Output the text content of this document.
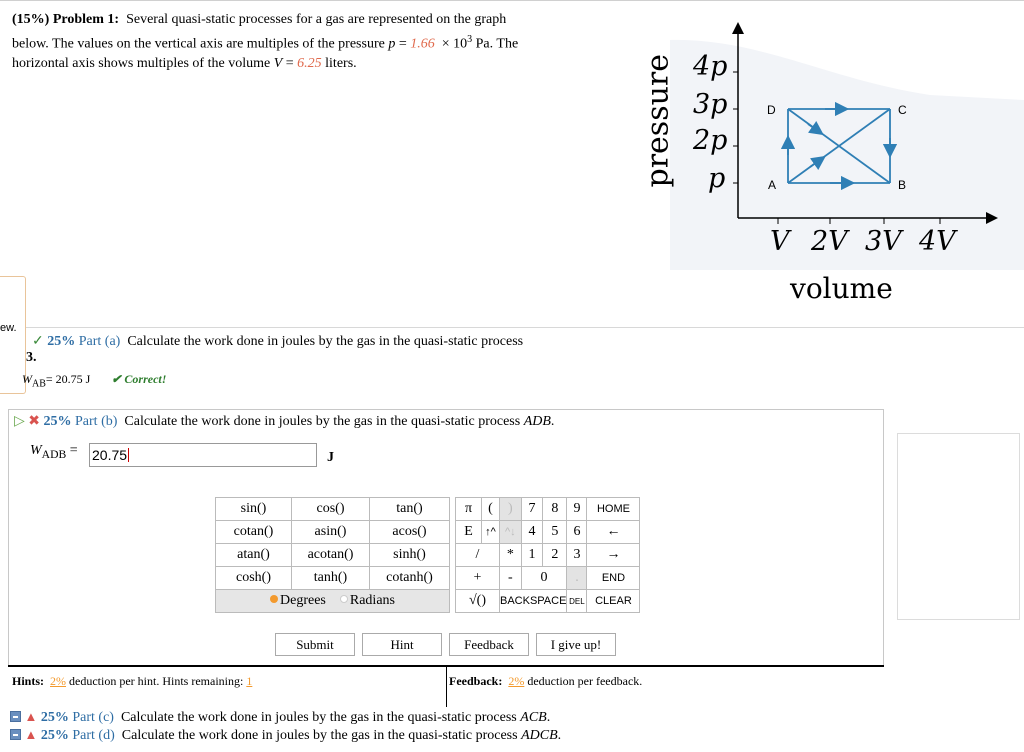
(15%) Problem 1: Several quasi-static processes for a gas are represented on the graph
below. The values on the vertical axis are multiples of the pressure $p = 1.66 \times 10^3$ Pa. The
horizontal axis shows multiples of the volume V = 6.25 liters.	pressure 4p
3p
2p
p
V 2V 3V 4V
volume
D	C
A	B
ew.
3.
✓ 25% Part (a) Calculate the work done in joules by the gas in the quasi-static process
$W_{AB}= 20.75$ J ✔ Correct!
▷ ✖ 25% Part (b) Calculate the work done in joules by the gas in the quasi-static process ADB.
$W_{ADB} = 20.75$	J
sin()	cos()	tan()
cotan()	asin()	acos()
atan()	acotan()	sinh()
cosh()	tanh()	cotanh()
Degrees Radians		
π	(	)	7	8	9	HOME
E	↑^	^↓	4	5	6	←
/		*	1	2	3	→
+		-	0		.	END
√()		BACKSPACE			DEL	CLEAR
Submit	Hint	Feedback	I give up!
Hints: 2% deduction per hint. Hints remaining: 1	Feedback: 2% deduction per feedback.
▲ 25% Part (c) Calculate the work done in joules by the gas in the quasi-static process ACB.
▲ 25% Part (d) Calculate the work done in joules by the gas in the quasi-static process ADCB.
